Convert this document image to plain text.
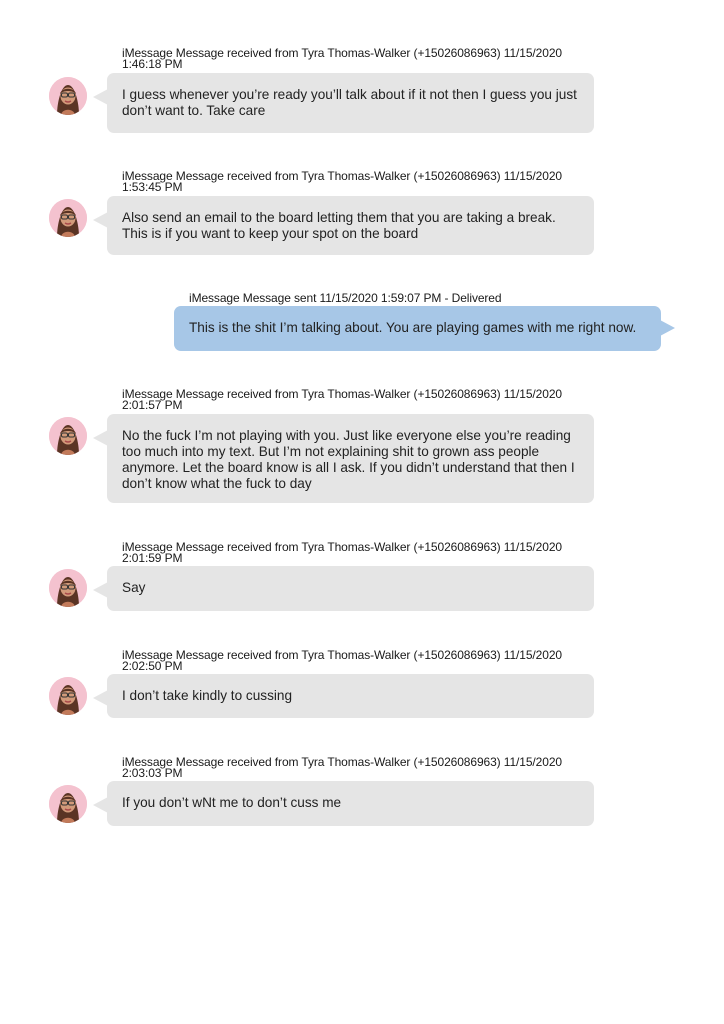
iMessage Message received from Tyra Thomas-Walker (+15026086963) 11/15/2020
1:46:18 PM
I guess whenever you’re ready you’ll talk about if it not then I guess you just don’t want to. Take care
iMessage Message received from Tyra Thomas-Walker (+15026086963) 11/15/2020
1:53:45 PM
Also send an email to the board letting them that you are taking a break. This is if you want to keep your spot on the board
iMessage Message sent 11/15/2020 1:59:07 PM - Delivered
This is the shit I’m talking about. You are playing games with me right now.
iMessage Message received from Tyra Thomas-Walker (+15026086963) 11/15/2020
2:01:57 PM
No the fuck I’m not playing with you. Just like everyone else you’re reading too much into my text. But I’m not explaining shit to grown ass people anymore. Let the board know is all I ask. If you didn’t understand that then I don’t know what the fuck to day
iMessage Message received from Tyra Thomas-Walker (+15026086963) 11/15/2020
2:01:59 PM
Say
iMessage Message received from Tyra Thomas-Walker (+15026086963) 11/15/2020
2:02:50 PM
I don’t take kindly to cussing
iMessage Message received from Tyra Thomas-Walker (+15026086963) 11/15/2020
2:03:03 PM
If you don’t wNt me to don’t cuss me
